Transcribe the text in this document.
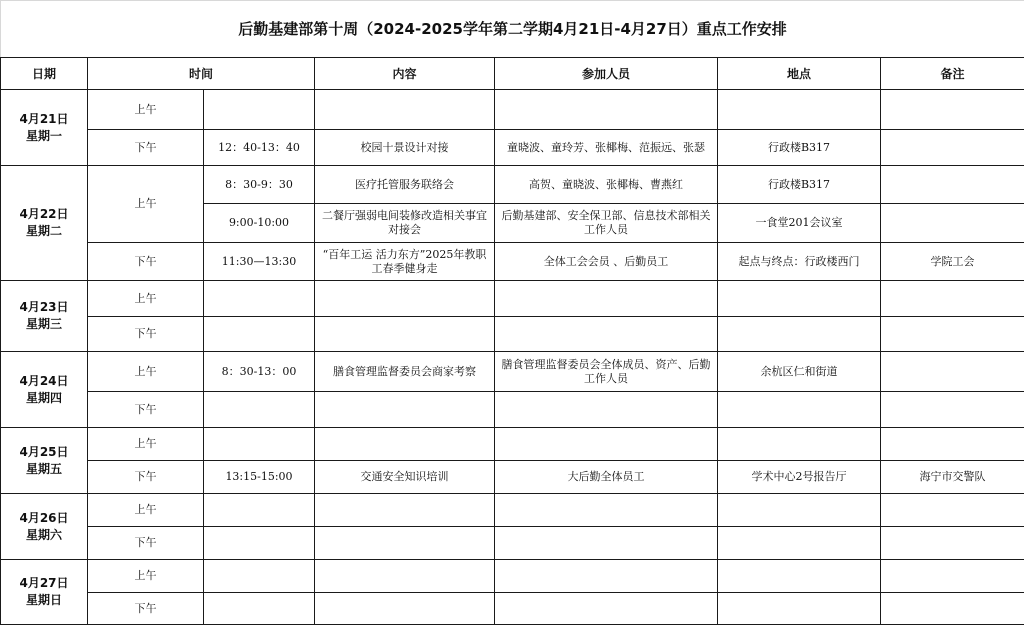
后勤基建部第十周（2024-2025学年第二学期4月21日-4月27日）重点工作安排						
日期	时间		内容	参加人员	地点	备注

4月21日
星期一	上午					
	下午	12：40-13：40	校园十景设计对接	童晓波、童玲芳、张椰梅、范振远、张瑟	行政楼B317	

4月22日
星期二	上午	8：30-9：30	医疗托管服务联络会	高贺、童晓波、张椰梅、曹燕红	行政楼B317	
		9:00-10:00	二餐厅强弱电间装修改造相关事宜对接会	后勤基建部、安全保卫部、信息技术部相关工作人员	一食堂201会议室	
	下午	11:30—13:30	“百年工运 活力东方”2025年教职工春季健身走	全体工会会员 、后勤员工	起点与终点：行政楼西门	学院工会

4月23日
星期三	上午					
	下午					

4月24日
星期四	上午	8：30-13：00	膳食管理监督委员会商家考察	膳食管理监督委员会全体成员、资产、后勤工作人员	余杭区仁和街道	
	下午					

4月25日
星期五	上午					
	下午	13:15-15:00	交通安全知识培训	大后勤全体员工	学术中心2号报告厅	海宁市交警队

4月26日
星期六	上午					
	下午					

4月27日
星期日	上午					
	下午					
